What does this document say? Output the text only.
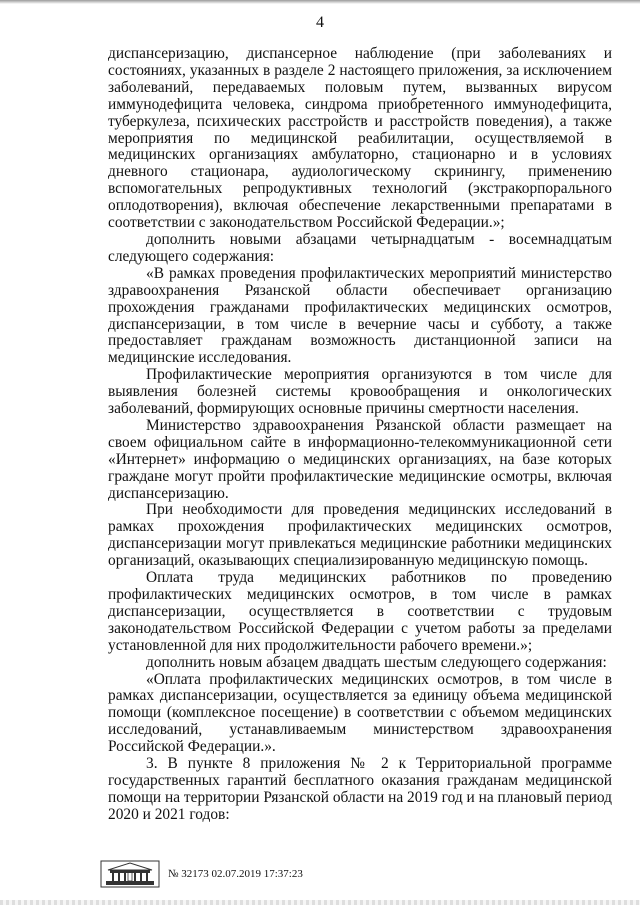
4

диспансеризацию, диспансерное наблюдение (при заболеваниях и состояниях, указанных в разделе 2 настоящего приложения, за исключением заболеваний, передаваемых половым путем, вызванных вирусом иммунодефицита человека, синдрома приобретенного иммунодефицита, туберкулеза, психических расстройств и расстройств поведения), а также мероприятия по медицинской реабилитации, осуществляемой в медицинских организациях амбулаторно, стационарно и в условиях дневного стационара, аудиологическому скринингу, применению вспомогательных репродуктивных технологий (экстракорпорального оплодотворения), включая обеспечение лекарственными препаратами в соответствии с законодательством Российской Федерации.»;

дополнить новыми абзацами четырнадцатым - восемнадцатым следующего содержания:

«В рамках проведения профилактических мероприятий министерство здравоохранения Рязанской области обеспечивает организацию прохождения гражданами профилактических медицинских осмотров, диспансеризации, в том числе в вечерние часы и субботу, а также предоставляет гражданам возможность дистанционной записи на медицинские исследования.

Профилактические мероприятия организуются в том числе для выявления болезней системы кровообращения и онкологических заболеваний, формирующих основные причины смертности населения.

Министерство здравоохранения Рязанской области размещает на своем официальном сайте в информационно-телекоммуникационной сети «Интернет» информацию о медицинских организациях, на базе которых граждане могут пройти профилактические медицинские осмотры, включая диспансеризацию.

При необходимости для проведения медицинских исследований в рамках прохождения профилактических медицинских осмотров, диспансеризации могут привлекаться медицинские работники медицинских организаций, оказывающих специализированную медицинскую помощь.

Оплата труда медицинских работников по проведению профилактических медицинских осмотров, в том числе в рамках диспансеризации, осуществляется в соответствии с трудовым законодательством Российской Федерации с учетом работы за пределами установленной для них продолжительности рабочего времени.»;

дополнить новым абзацем двадцать шестым следующего содержания:

«Оплата профилактических медицинских осмотров, в том числе в рамках диспансеризации, осуществляется за единицу объема медицинской помощи (комплексное посещение) в соответствии с объемом медицинских исследований, устанавливаемым министерством здравоохранения Российской Федерации.».

3. В пункте 8 приложения № 2 к Территориальной программе государственных гарантий бесплатного оказания гражданам медицинской помощи на территории Рязанской области на 2019 год и на плановый период 2020 и 2021 годов:

№ 32173 02.07.2019 17:37:23
